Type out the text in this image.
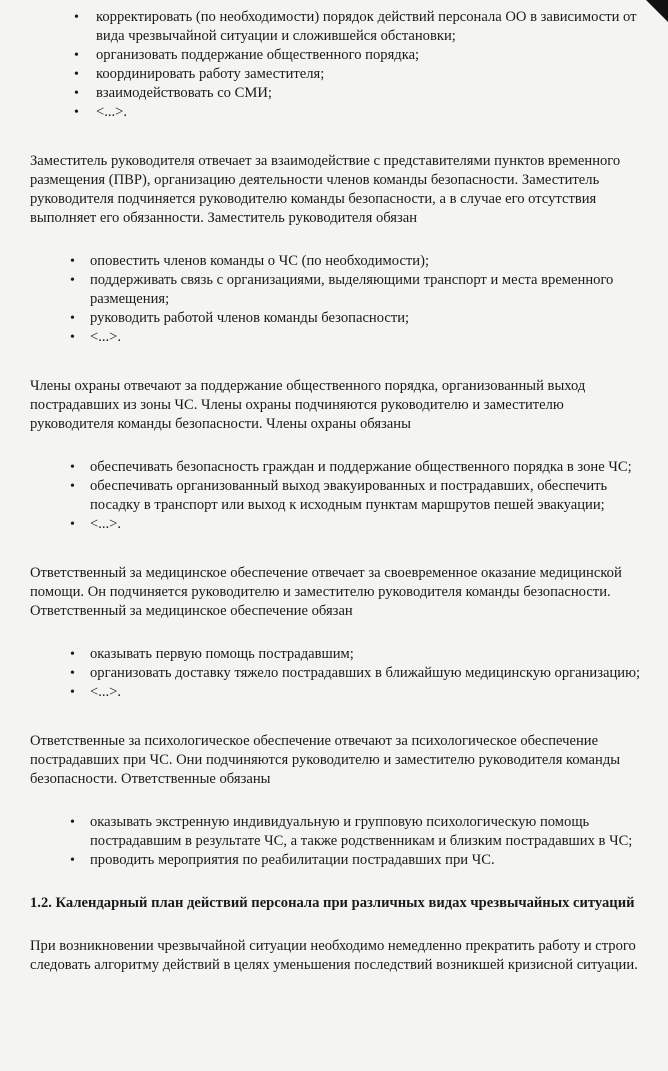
• корректировать (по необходимости) порядок действий персонала ОО в зависимости от вида чрезвычайной ситуации и сложившейся обстановки;
• организовать поддержание общественного порядка;
• координировать работу заместителя;
• взаимодействовать со СМИ;
• <...>.

Заместитель руководителя отвечает за взаимодействие с представителями пунктов временного размещения (ПВР), организацию деятельности членов команды безопасности. Заместитель руководителя подчиняется руководителю команды безопасности, а в случае его отсутствия выполняет его обязанности. Заместитель руководителя обязан

• оповестить членов команды о ЧС (по необходимости);
• поддерживать связь с организациями, выделяющими транспорт и места временного размещения;
• руководить работой членов команды безопасности;
• <...>.

Члены охраны отвечают за поддержание общественного порядка, организованный выход пострадавших из зоны ЧС. Члены охраны подчиняются руководителю и заместителю руководителя команды безопасности. Члены охраны обязаны

• обеспечивать безопасность граждан и поддержание общественного порядка в зоне ЧС;
• обеспечивать организованный выход эвакуированных и пострадавших, обеспечить посадку в транспорт или выход к исходным пунктам маршрутов пешей эвакуации;
• <...>.

Ответственный за медицинское обеспечение отвечает за своевременное оказание медицинской помощи. Он подчиняется руководителю и заместителю руководителя команды безопасности. Ответственный за медицинское обеспечение обязан

• оказывать первую помощь пострадавшим;
• организовать доставку тяжело пострадавших в ближайшую медицинскую организацию;
• <...>.

Ответственные за психологическое обеспечение отвечают за психологическое обеспечение пострадавших при ЧС. Они подчиняются руководителю и заместителю руководителя команды безопасности. Ответственные обязаны

• оказывать экстренную индивидуальную и групповую психологическую помощь пострадавшим в результате ЧС, а также родственникам и близким пострадавших в ЧС;
• проводить мероприятия по реабилитации пострадавших при ЧС.

1.2. Календарный план действий персонала при различных видах чрезвычайных ситуаций

При возникновении чрезвычайной ситуации необходимо немедленно прекратить работу и строго следовать алгоритму действий в целях уменьшения последствий возникшей кризисной ситуации.
